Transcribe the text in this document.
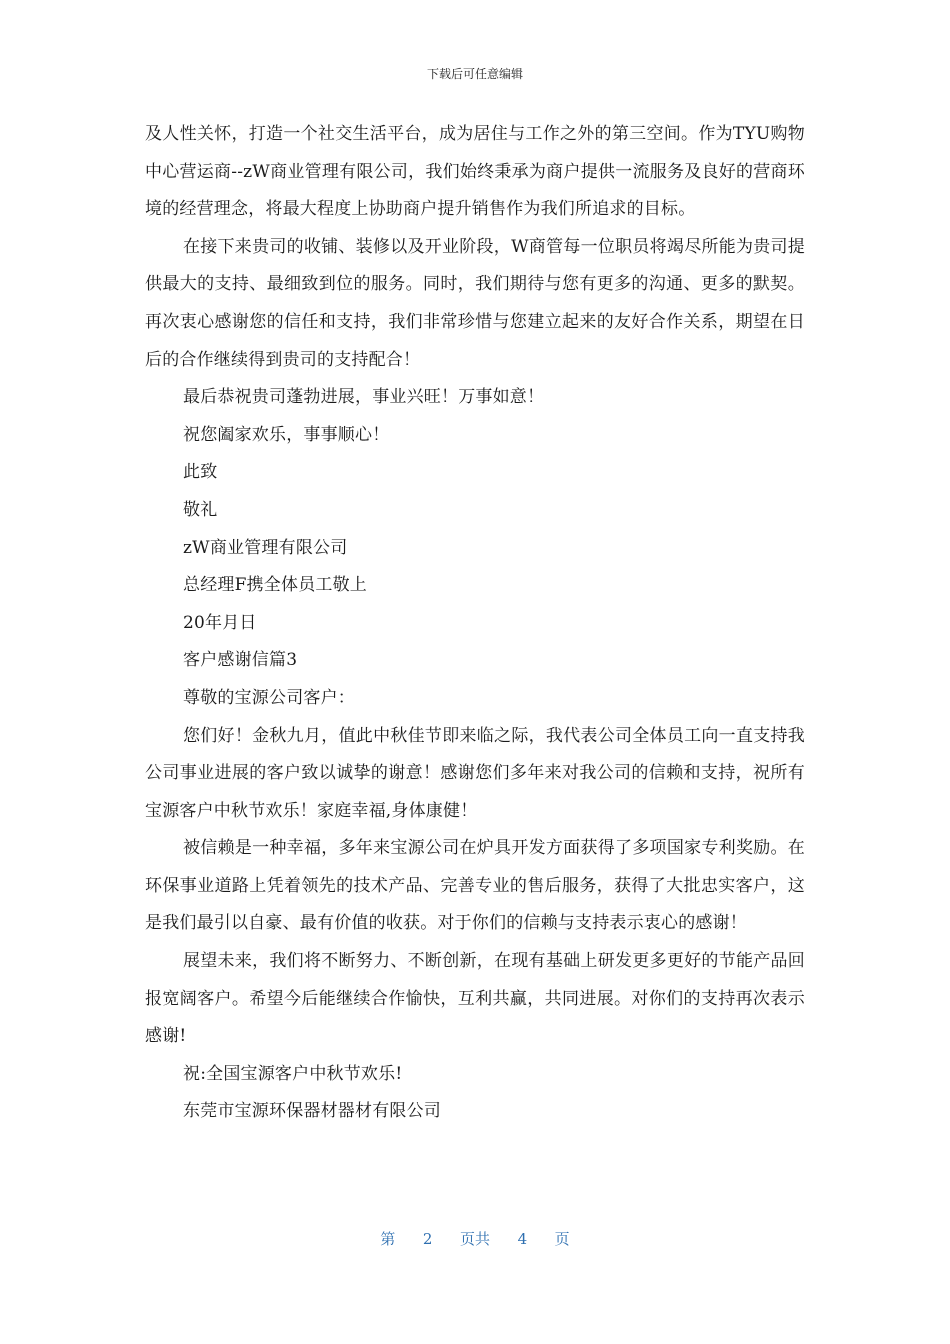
下载后可任意编辑

及人性关怀，打造一个社交生活平台，成为居住与工作之外的第三空间。作为TYU购物中心营运商--zW商业管理有限公司，我们始终秉承为商户提供一流服务及良好的营商环境的经营理念，将最大程度上协助商户提升销售作为我们所追求的目标。

在接下来贵司的收铺、装修以及开业阶段，W商管每一位职员将竭尽所能为贵司提供最大的支持、最细致到位的服务。同时，我们期待与您有更多的沟通、更多的默契。再次衷心感谢您的信任和支持，我们非常珍惜与您建立起来的友好合作关系，期望在日后的合作继续得到贵司的支持配合！

最后恭祝贵司蓬勃进展，事业兴旺！万事如意！

祝您阖家欢乐，事事顺心！

此致

敬礼

zW商业管理有限公司

总经理F携全体员工敬上

20年月日

客户感谢信篇3

尊敬的宝源公司客户：

您们好！金秋九月，值此中秋佳节即来临之际，我代表公司全体员工向一直支持我公司事业进展的客户致以诚挚的谢意！感谢您们多年来对我公司的信赖和支持，祝所有宝源客户中秋节欢乐！家庭幸福,身体康健！

被信赖是一种幸福，多年来宝源公司在炉具开发方面获得了多项国家专利奖励。在环保事业道路上凭着领先的技术产品、完善专业的售后服务，获得了大批忠实客户，这是我们最引以自豪、最有价值的收获。对于你们的信赖与支持表示衷心的感谢！

展望未来，我们将不断努力、不断创新，在现有基础上研发更多更好的节能产品回报宽阔客户。希望今后能继续合作愉快，互利共赢，共同进展。对你们的支持再次表示感谢!

祝:全国宝源客户中秋节欢乐!

东莞市宝源环保器材器材有限公司

第 2 页共 4 页
